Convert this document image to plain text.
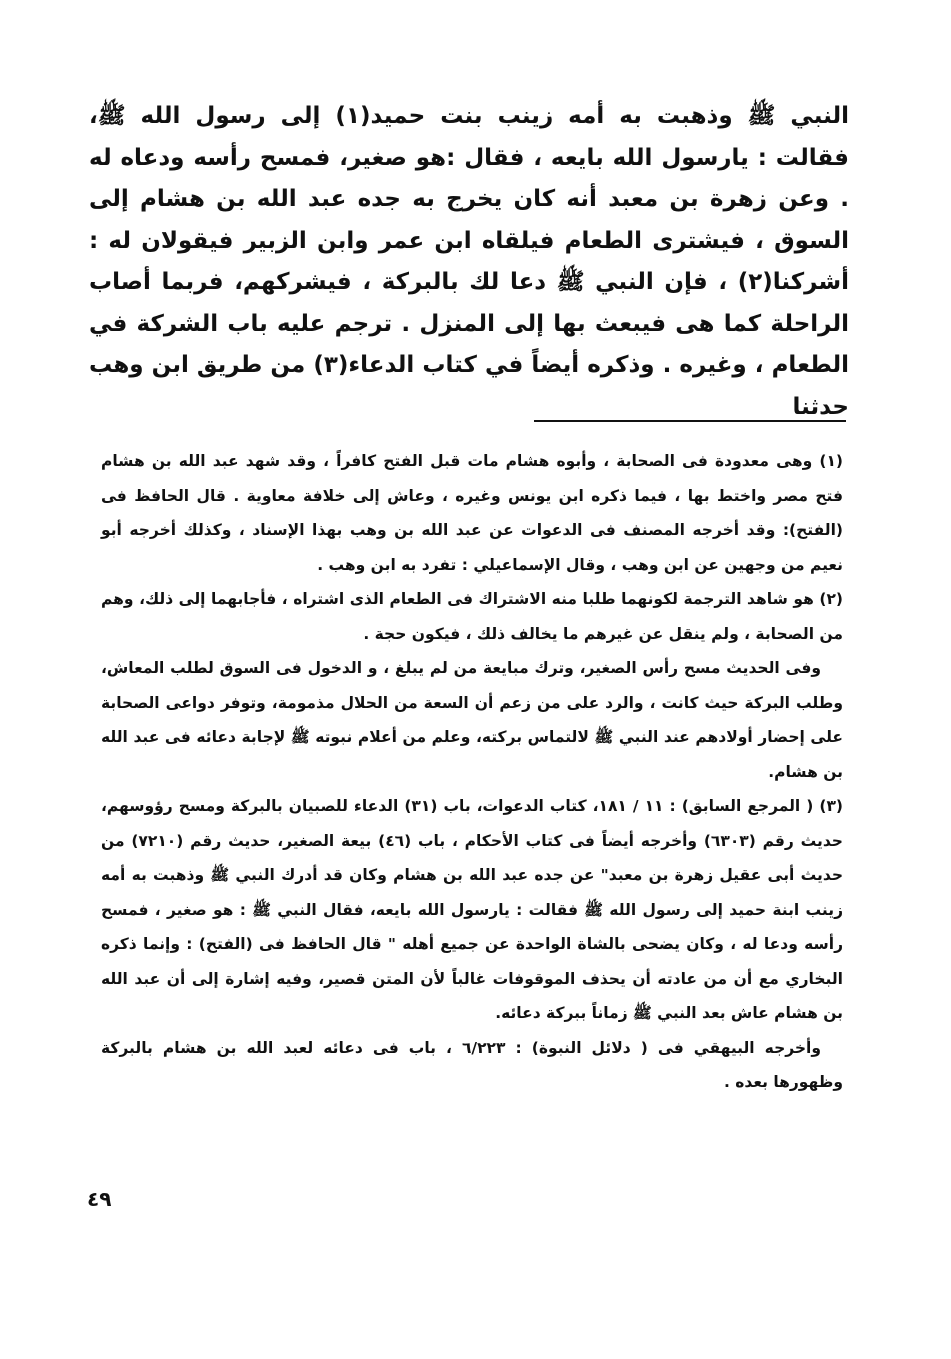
النبي ﷺ وذهبت به أمه زينب بنت حميد(١) إلى رسول الله ﷺ، فقالت : يارسول الله بايعه ، فقال :هو صغير، فمسح رأسه ودعاه له . وعن زهرة بن معبد أنه كان يخرج به جده عبد الله بن هشام إلى السوق ، فيشترى الطعام فيلقاه ابن عمر وابن الزبير فيقولان له : أشركنا(٢) ، فإن النبي ﷺ دعا لك بالبركة ، فيشركهم، فربما أصاب الراحلة كما هى فيبعث بها إلى المنزل . ترجم عليه باب الشركة في الطعام ، وغيره . وذكره أيضاً في كتاب الدعاء(٣) من طريق ابن وهب حدثنا

(١) وهى معدودة فى الصحابة ، وأبوه هشام مات قبل الفتح كافراً ، وقد شهد عبد الله بن هشام فتح مصر واختط بها ، فيما ذكره ابن يونس وغيره ، وعاش إلى خلافة معاوية . قال الحافظ فى (الفتح): وقد أخرجه المصنف فى الدعوات عن عبد الله بن وهب بهذا الإسناد ، وكذلك أخرجه أبو نعيم من وجهين عن ابن وهب ، وقال الإسماعيلي : تفرد به ابن وهب .

(٢) هو شاهد الترجمة لكونهما طلبا منه الاشتراك فى الطعام الذى اشتراه ، فأجابهما إلى ذلك، وهم من الصحابة ، ولم ينقل عن غيرهم ما يخالف ذلك ، فيكون حجة .

وفى الحديث مسح رأس الصغير، وترك مبايعة من لم يبلغ ، و الدخول فى السوق لطلب المعاش، وطلب البركة حيث كانت ، والرد على من زعم أن السعة من الحلال مذمومة، وتوفر دواعى الصحابة على إحضار أولادهم عند النبي ﷺ لالتماس بركته، وعلم من أعلام نبوته ﷺ لإجابة دعائه فى عبد الله بن هشام.

(٣) ( المرجع السابق) : ١١ / ١٨١، كتاب الدعوات، باب (٣١) الدعاء للصبيان بالبركة ومسح رؤوسهم، حديث رقم (٦٣٠٣) وأخرجه أيضاً فى كتاب الأحكام ، باب (٤٦) بيعة الصغير، حديث رقم (٧٢١٠) من حديث أبى عقيل زهرة بن معبد" عن جده عبد الله بن هشام وكان قد أدرك النبي ﷺ وذهبت به أمه زينب ابنة حميد إلى رسول الله ﷺ فقالت : يارسول الله بايعه، فقال النبي ﷺ : هو صغير ، فمسح رأسه ودعا له ، وكان يضحى بالشاة الواحدة عن جميع أهله " قال الحافظ فى (الفتح) : وإنما ذكره البخاري مع أن من عادته أن يحذف الموقوفات غالباً لأن المتن قصير، وفيه إشارة إلى أن عبد الله بن هشام عاش بعد النبي ﷺ زماناً ببركة دعائه.

وأخرجه البيهقي فى ( دلائل النبوة) : ٦/٢٢٣ ، باب فى دعائه لعبد الله بن هشام بالبركة وظهورها بعده .

٤٩
